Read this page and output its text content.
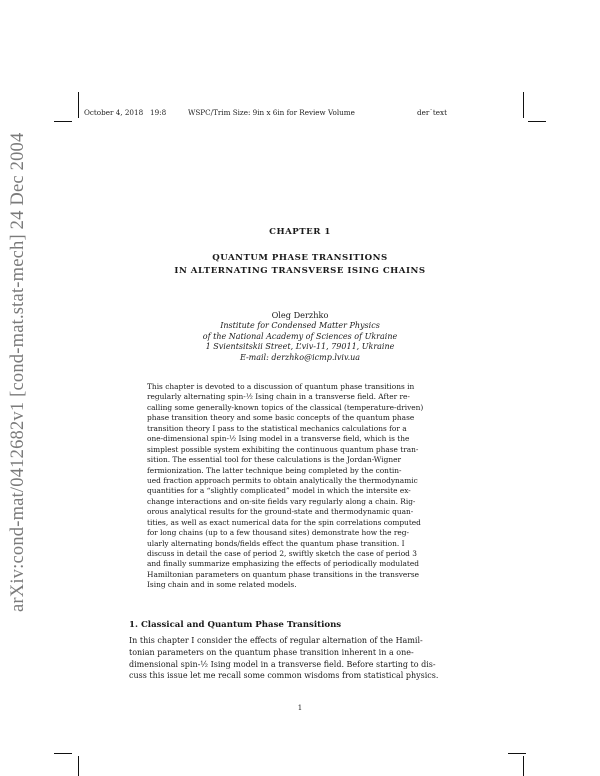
arXiv:cond-mat/0412682v1 [cond-mat.stat-mech] 24 Dec 2004
October 4, 2018 19:8	WSPC/Trim Size: 9in x 6in for Review Volume	der˙text
CHAPTER 1
QUANTUM PHASE TRANSITIONS
IN ALTERNATING TRANSVERSE ISING CHAINS
Oleg Derzhko
Institute for Condensed Matter Physics
of the National Academy of Sciences of Ukraine
1 Svientsitskii Street, L’viv-11, 79011, Ukraine
E-mail: derzhko@icmp.lviv.ua
This chapter is devoted to a discussion of quantum phase transitions in
regularly alternating spin-½ Ising chain in a transverse field. After re-
calling some generally-known topics of the classical (temperature-driven)
phase transition theory and some basic concepts of the quantum phase
transition theory I pass to the statistical mechanics calculations for a
one-dimensional spin-½ Ising model in a transverse field, which is the
simplest possible system exhibiting the continuous quantum phase tran-
sition. The essential tool for these calculations is the Jordan-Wigner
fermionization. The latter technique being completed by the contin-
ued fraction approach permits to obtain analytically the thermodynamic
quantities for a “slightly complicated” model in which the intersite ex-
change interactions and on-site fields vary regularly along a chain. Rig-
orous analytical results for the ground-state and thermodynamic quan-
tities, as well as exact numerical data for the spin correlations computed
for long chains (up to a few thousand sites) demonstrate how the reg-
ularly alternating bonds/fields effect the quantum phase transition. I
discuss in detail the case of period 2, swiftly sketch the case of period 3
and finally summarize emphasizing the effects of periodically modulated
Hamiltonian parameters on quantum phase transitions in the transverse
Ising chain and in some related models.
1. Classical and Quantum Phase Transitions
In this chapter I consider the effects of regular alternation of the Hamil-
tonian parameters on the quantum phase transition inherent in a one-
dimensional spin-½ Ising model in a transverse field. Before starting to dis-
cuss this issue let me recall some common wisdoms from statistical physics.
1
